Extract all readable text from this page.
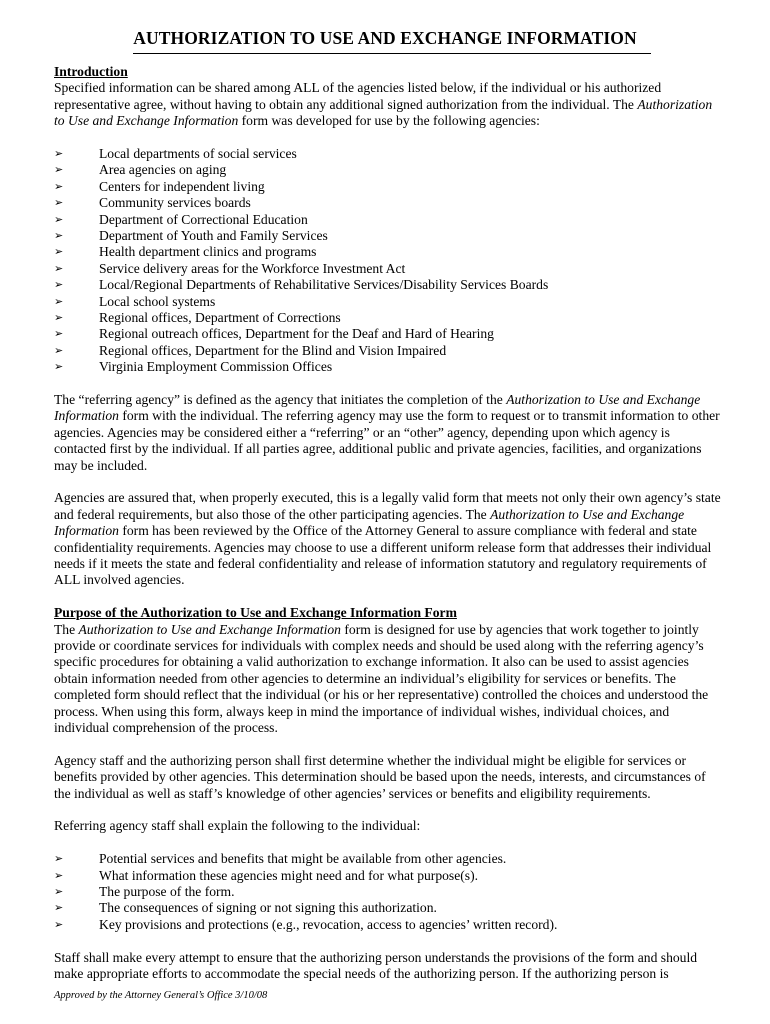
AUTHORIZATION TO USE AND EXCHANGE INFORMATION

Introduction

Specified information can be shared among ALL of the agencies listed below, if the individual or his authorized representative agree, without having to obtain any additional signed authorization from the individual. The Authorization to Use and Exchange Information form was developed for use by the following agencies:

➢
Local departments of social services
➢
Area agencies on aging
➢
Centers for independent living
➢
Community services boards
➢
Department of Correctional Education
➢
Department of Youth and Family Services
➢
Health department clinics and programs
➢
Service delivery areas for the Workforce Investment Act
➢
Local/Regional Departments of Rehabilitative Services/Disability Services Boards
➢
Local school systems
➢
Regional offices, Department of Corrections
➢
Regional outreach offices, Department for the Deaf and Hard of Hearing
➢
Regional offices, Department for the Blind and Vision Impaired
➢
Virginia Employment Commission Offices

The “referring agency” is defined as the agency that initiates the completion of the Authorization to Use and Exchange Information form with the individual. The referring agency may use the form to request or to transmit information to other agencies. Agencies may be considered either a “referring” or an “other” agency, depending upon which agency is contacted first by the individual. If all parties agree, additional public and private agencies, facilities, and organizations may be included.

Agencies are assured that, when properly executed, this is a legally valid form that meets not only their own agency’s state and federal requirements, but also those of the other participating agencies. The Authorization to Use and Exchange Information form has been reviewed by the Office of the Attorney General to assure compliance with federal and state confidentiality requirements. Agencies may choose to use a different uniform release form that addresses their individual needs if it meets the state and federal confidentiality and release of information statutory and regulatory requirements of ALL involved agencies.

Purpose of the Authorization to Use and Exchange Information Form

The Authorization to Use and Exchange Information form is designed for use by agencies that work together to jointly provide or coordinate services for individuals with complex needs and should be used along with the referring agency’s specific procedures for obtaining a valid authorization to exchange information. It also can be used to assist agencies obtain information needed from other agencies to determine an individual’s eligibility for services or benefits. The completed form should reflect that the individual (or his or her representative) controlled the choices and understood the process. When using this form, always keep in mind the importance of individual wishes, individual choices, and individual comprehension of the process.

Agency staff and the authorizing person shall first determine whether the individual might be eligible for services or benefits provided by other agencies. This determination should be based upon the needs, interests, and circumstances of the individual as well as staff’s knowledge of other agencies’ services or benefits and eligibility requirements.

Referring agency staff shall explain the following to the individual:

➢
Potential services and benefits that might be available from other agencies.
➢
What information these agencies might need and for what purpose(s).
➢
The purpose of the form.
➢
The consequences of signing or not signing this authorization.
➢
Key provisions and protections (e.g., revocation, access to agencies’ written record).

Staff shall make every attempt to ensure that the authorizing person understands the provisions of the form and should make appropriate efforts to accommodate the special needs of the authorizing person. If the authorizing person is

Approved by the Attorney General’s Office 3/10/08
